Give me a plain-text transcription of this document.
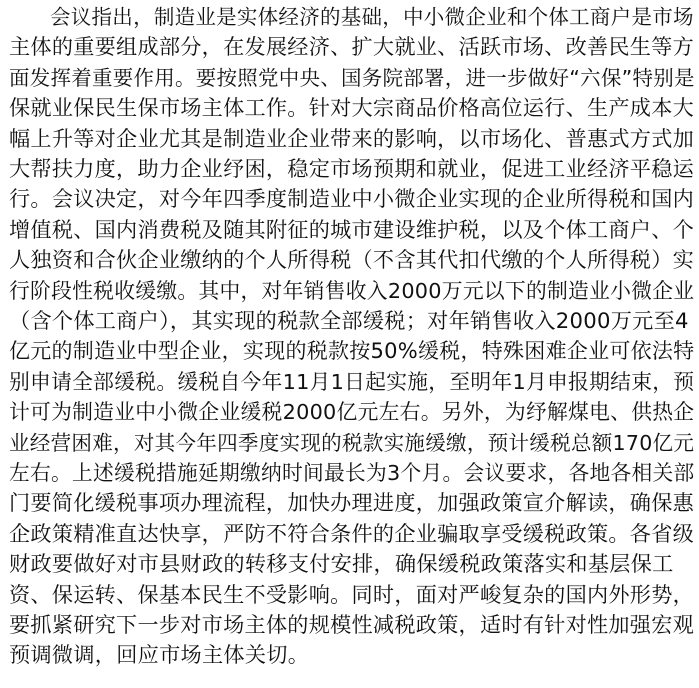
会议指出，制造业是实体经济的基础，中小微企业和个体工商户是市场
主体的重要组成部分，在发展经济、扩大就业、活跃市场、改善民生等方
面发挥着重要作用。要按照党中央、国务院部署，进一步做好“六保”特别是
保就业保民生保市场主体工作。针对大宗商品价格高位运行、生产成本大
幅上升等对企业尤其是制造业企业带来的影响，以市场化、普惠式方式加
大帮扶力度，助力企业纾困，稳定市场预期和就业，促进工业经济平稳运
行。会议决定，对今年四季度制造业中小微企业实现的企业所得税和国内
增值税、国内消费税及随其附征的城市建设维护税，以及个体工商户、个
人独资和合伙企业缴纳的个人所得税（不含其代扣代缴的个人所得税）实
行阶段性税收缓缴。其中，对年销售收入2000万元以下的制造业小微企业
（含个体工商户），其实现的税款全部缓税；对年销售收入2000万元至4
亿元的制造业中型企业，实现的税款按50%缓税，特殊困难企业可依法特
别申请全部缓税。缓税自今年11月1日起实施，至明年1月申报期结束，预
计可为制造业中小微企业缓税2000亿元左右。另外，为纾解煤电、供热企
业经营困难，对其今年四季度实现的税款实施缓缴，预计缓税总额170亿元
左右。上述缓税措施延期缴纳时间最长为3个月。会议要求，各地各相关部
门要简化缓税事项办理流程，加快办理进度，加强政策宣介解读，确保惠
企政策精准直达快享，严防不符合条件的企业骗取享受缓税政策。各省级
财政要做好对市县财政的转移支付安排，确保缓税政策落实和基层保工
资、保运转、保基本民生不受影响。同时，面对严峻复杂的国内外形势，
要抓紧研究下一步对市场主体的规模性减税政策，适时有针对性加强宏观
预调微调，回应市场主体关切。
